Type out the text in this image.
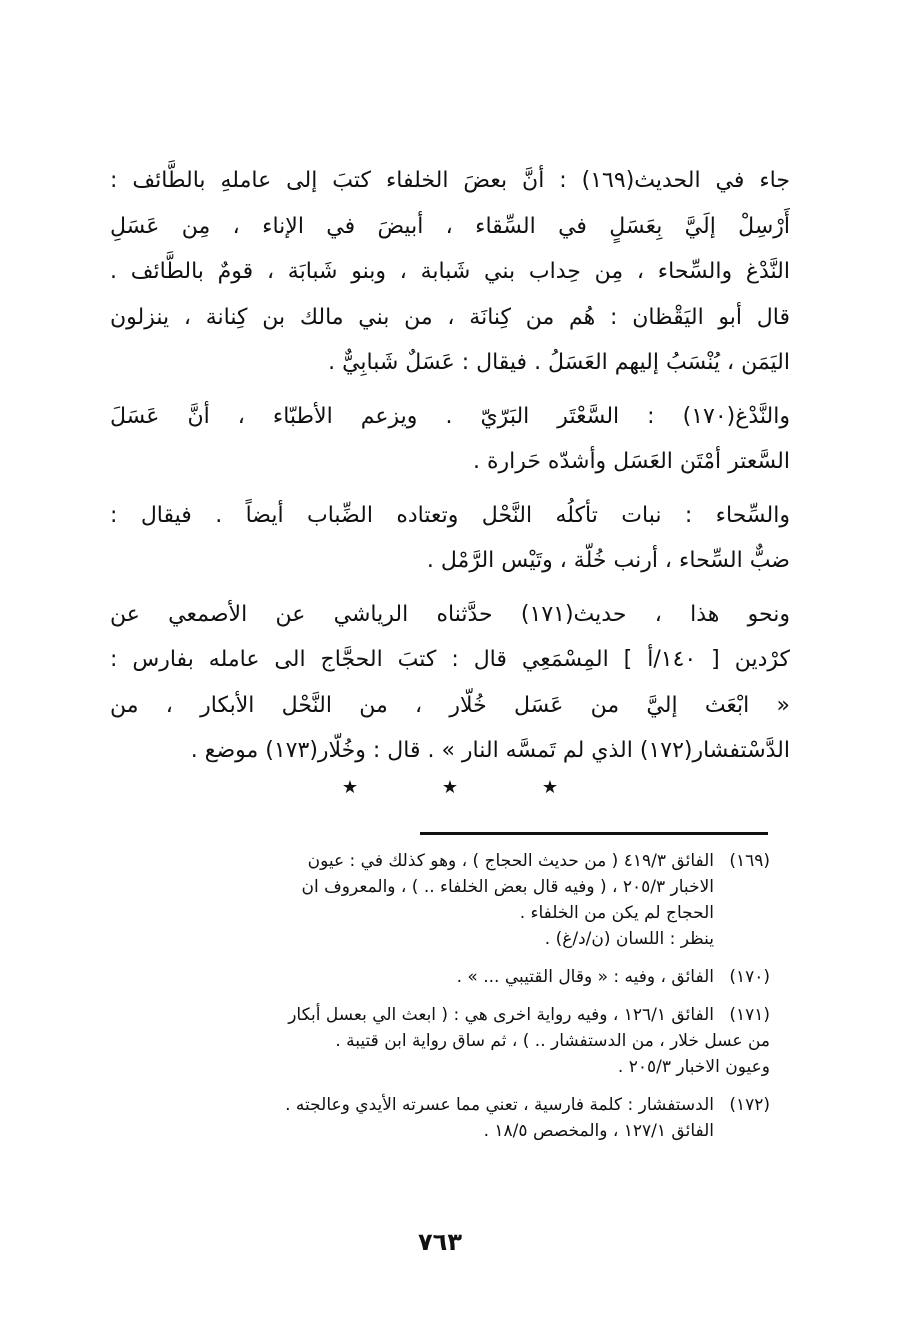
جاء في الحديث(١٦٩) : أنَّ بعضَ الخلفاء كتبَ إلى عاملهِ بالطَّائف :
أَرْسِلْ إلَيَّ بِعَسَلٍ في السِّقاء ، أبيضَ في الإناء ، مِن عَسَلِ
النَّدْغ والسِّحاء ، مِن حِداب بني شَبابة ، وبنو شَبابَة ، قومٌ بالطَّائف .
قال أبو اليَقْظان : هُم من كِنانَة ، من بني مالك بن كِنانة ، ينزلون
اليَمَن ، يُنْسَبُ إليهم العَسَلُ . فيقال : عَسَلٌ شَبابِيٌّ .
والنَّدْغ(١٧٠) : السَّعْتَر البَرّيّ . ويزعم الأطبّاء ، أنَّ عَسَلَ
السَّعتر أمْتَن العَسَل وأشدّه حَرارة .
والسِّحاء : نبات تأكلُه النَّحْل وتعتاده الضِّباب أيضاً . فيقال :
ضبٌّ السِّحاء ، أرنب خُلّة ، وتَيْس الرَّمْل .
ونحو هذا ، حديث(١٧١) حدَّثناه الرياشي عن الأصمعي عن
كرْدين [ ١٤٠/أ ] المِسْمَعِي قال : كتبَ الحجَّاج الى عامله بفارس :
« ابْعَث إليَّ من عَسَل خُلّار ، من النَّحْل الأبكار ، من
الدَّسْتفشار(١٧٢) الذي لم تَمسَّه النار » . قال : وخُلّار(١٧٣) موضع .
★	★	★
(١٦٩)الفائق ٤١٩/٣ ( من حديث الحجاج ) ، وهو كذلك في : عيون
الاخبار ٢٠٥/٣ ، ( وفيه قال بعض الخلفاء .. ) ، والمعروف ان
الحجاج لم يكن من الخلفاء .
ينظر : اللسان (ن/د/غ) .
(١٧٠)الفائق ، وفيه : « وقال القتيبي ... » .
(١٧١)الفائق ١٢٦/١ ، وفيه رواية اخرى هي : ( ابعث الي بعسل أبكار
من عسل خلار ، من الدستفشار .. ) ، ثم ساق رواية ابن قتيبة .
وعيون الاخبار ٢٠٥/٣ .
(١٧٢)الدستفشار : كلمة فارسية ، تعني مما عسرته الأيدي وعالجته .
الفائق ١٢٧/١ ، والمخصص ١٨/٥ .
٧٦٣
